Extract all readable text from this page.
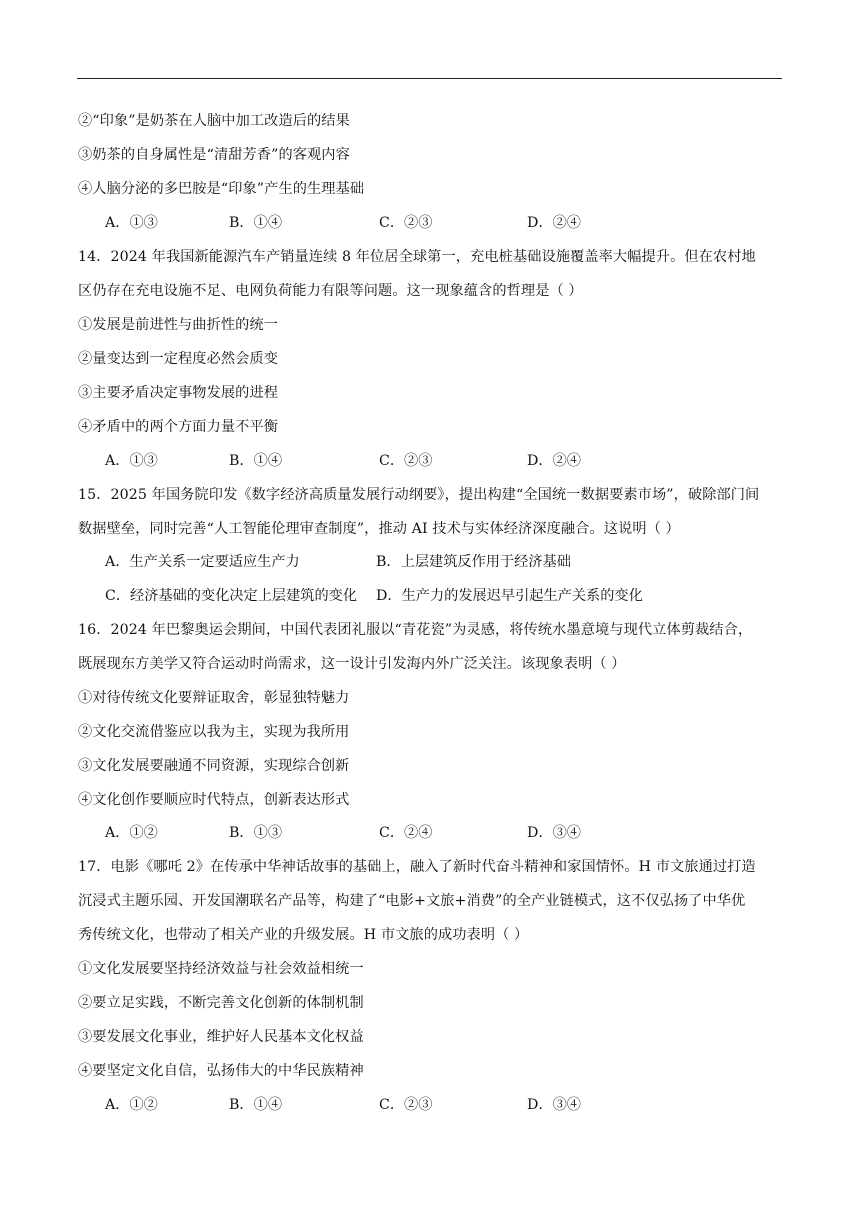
②“印象”是奶茶在人脑中加工改造后的结果
③奶茶的自身属性是“清甜芳香”的客观内容
④人脑分泌的多巴胺是“印象”产生的生理基础
A．①③	B．①④	C．②③	D．②④
14．2024 年我国新能源汽车产销量连续 8 年位居全球第一，充电桩基础设施覆盖率大幅提升。但在农村地
区仍存在充电设施不足、电网负荷能力有限等问题。这一现象蕴含的哲理是（ ）
①发展是前进性与曲折性的统一
②量变达到一定程度必然会质变
③主要矛盾决定事物发展的进程
④矛盾中的两个方面力量不平衡
A．①③	B．①④	C．②③	D．②④
15．2025 年国务院印发《数字经济高质量发展行动纲要》，提出构建“全国统一数据要素市场”，破除部门间
数据壁垒，同时完善“人工智能伦理审查制度”，推动 AI 技术与实体经济深度融合。这说明（ ）
A．生产关系一定要适应生产力	B．上层建筑反作用于经济基础
C．经济基础的变化决定上层建筑的变化 D．生产力的发展迟早引起生产关系的变化
16．2024 年巴黎奥运会期间，中国代表团礼服以“青花瓷”为灵感，将传统水墨意境与现代立体剪裁结合，
既展现东方美学又符合运动时尚需求，这一设计引发海内外广泛关注。该现象表明（ ）
①对待传统文化要辩证取舍，彰显独特魅力
②文化交流借鉴应以我为主，实现为我所用
③文化发展要融通不同资源，实现综合创新
④文化创作要顺应时代特点，创新表达形式
A．①②	B．①③	C．②④	D．③④
17．电影《哪吒 2》在传承中华神话故事的基础上，融入了新时代奋斗精神和家国情怀。H 市文旅通过打造
沉浸式主题乐园、开发国潮联名产品等，构建了“电影+文旅+消费”的全产业链模式，这不仅弘扬了中华优
秀传统文化，也带动了相关产业的升级发展。H 市文旅的成功表明（ ）
①文化发展要坚持经济效益与社会效益相统一
②要立足实践，不断完善文化创新的体制机制
③要发展文化事业，维护好人民基本文化权益
④要坚定文化自信，弘扬伟大的中华民族精神
A．①②	B．①④	C．②③	D．③④
